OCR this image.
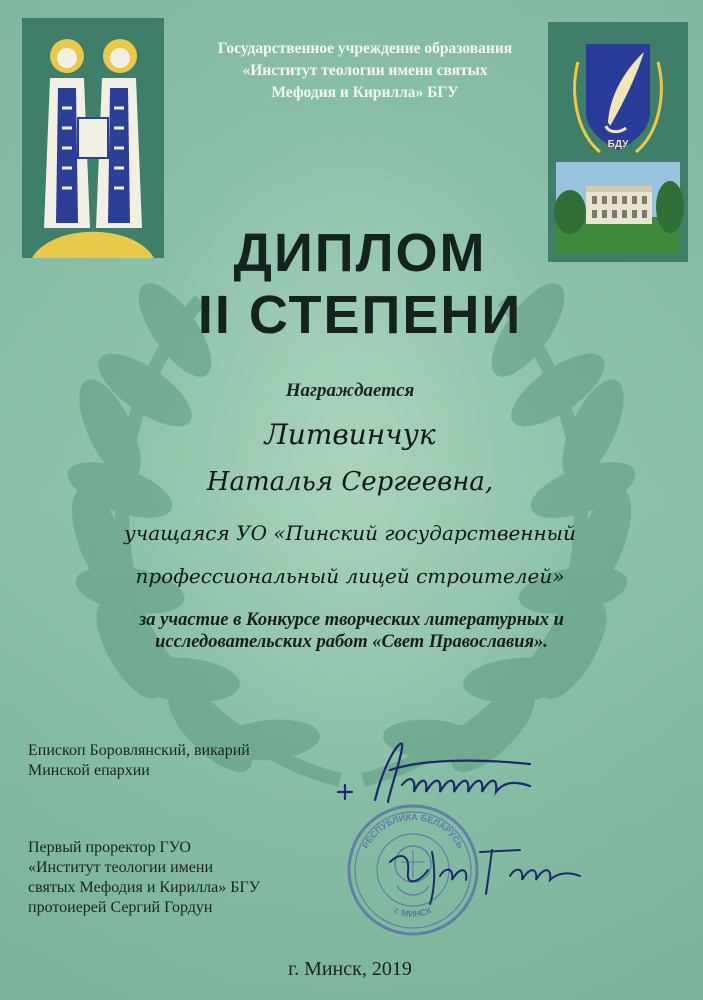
Государственное учреждение образования
«Институт теологии имени святых
Мефодия и Кирилла» БГУ
БДУ
ДИПЛОМ
II СТЕПЕНИ
Награждается
Литвинчук
Наталья Сергеевна,
учащаяся УО «Пинский государственный
профессиональный лицей строителей»
за участие в Конкурсе творческих литературных и
исследовательских работ «Свет Православия».
Епископ Боровлянский, викарий
Минской епархии
Первый проректор ГУО
«Институт теологии имени
святых Мефодия и Кирилла» БГУ
протоиерей Сергий Гордун
РЕСПУБЛИКА БЕЛАРУСЬ
г. МИНСК
г. Минск, 2019
